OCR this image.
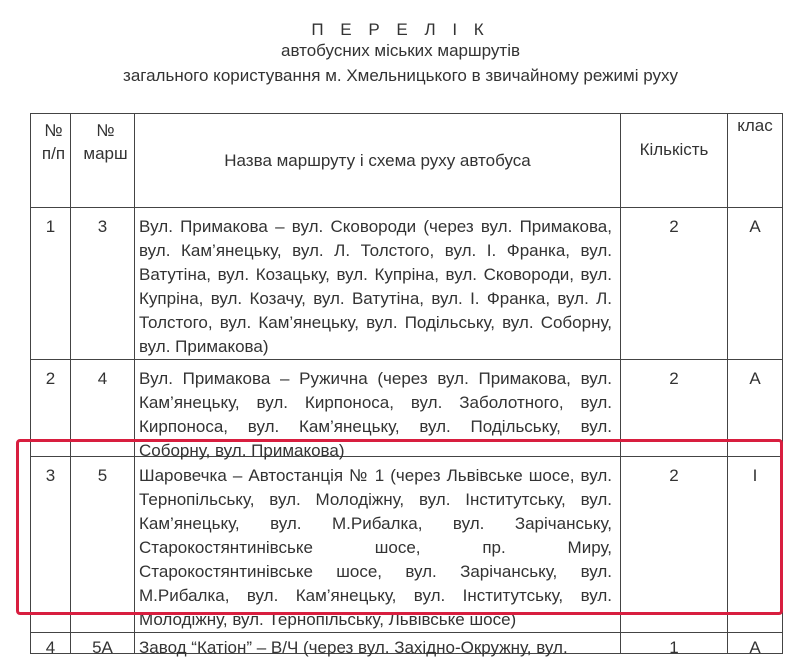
П Е Р Е Л І К
автобусних міських маршрутів
загального користування м. Хмельницького в звичайному режимі руху
№ п/п	№ марш	Назва маршруту і схема руху автобуса	Кількість	клас

1	3	Вул. Примакова – вул. Сковороди (через вул. Примакова, вул. Кам’янецьку, вул. Л. Толстого, вул. І. Франка, вул. Ватутіна, вул. Козацьку, вул. Купріна, вул. Сковороди, вул. Купріна, вул. Козачу, вул. Ватутіна, вул. І. Франка, вул. Л. Толстого, вул. Кам’янецьку, вул. Подільську, вул. Соборну, вул. Примакова)	2	А

2	4	Вул. Примакова – Ружична (через вул. Примакова, вул. Кам’янецьку, вул. Кирпоноса, вул. Заболотного, вул. Кирпоноса, вул. Кам’янецьку, вул. Подільську, вул. Соборну, вул. Примакова)	2	А

3	5	Шаровечка – Автостанція № 1 (через Львівське шосе, вул. Тернопільську, вул. Молодіжну, вул. Інститутську, вул. Кам’янецьку, вул. М.Рибалка, вул. Зарічанську, Старокостянтинівське шосе, пр. Миру, Старокостянтинівське шосе, вул. Зарічанську, вул. М.Рибалка, вул. Кам’янецьку, вул. Інститутську, вул. Молодіжну, вул. Тернопільську, Львівське шосе)	2	І

4	5А	Завод “Катіон” – В/Ч (через вул. Західно-Окружну, вул.	1	А
